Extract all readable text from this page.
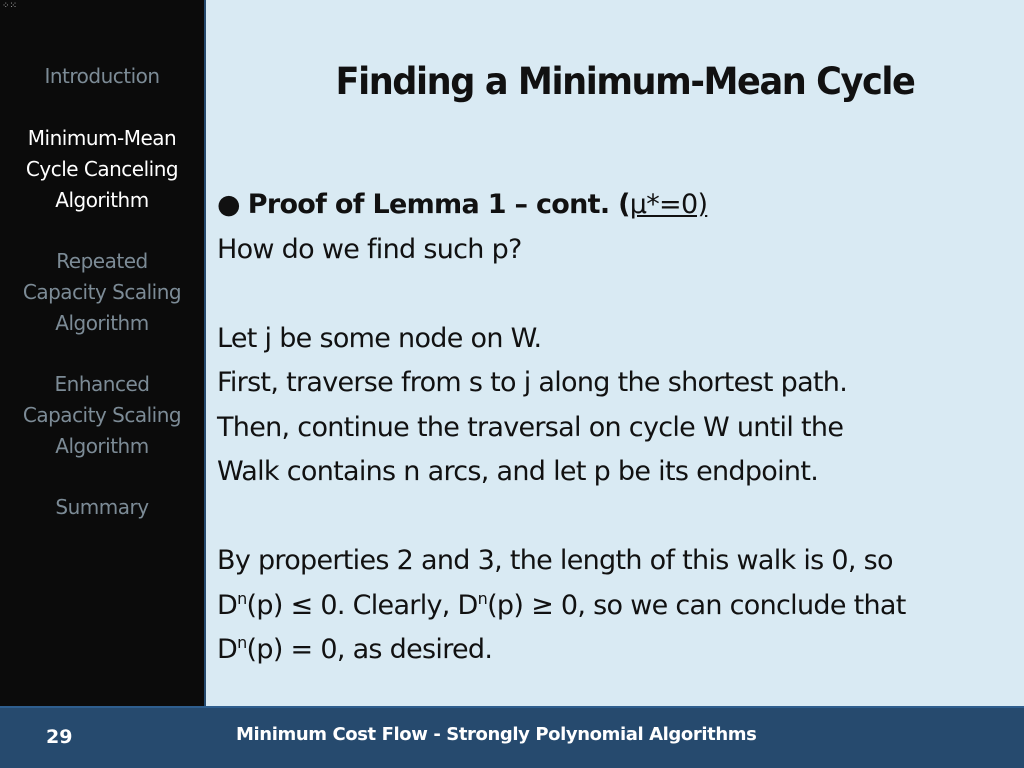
⁘⁙
Introduction
Minimum-Mean
Cycle Canceling
Algorithm
Repeated
Capacity Scaling
Algorithm
Enhanced
Capacity Scaling
Algorithm
Summary
Finding a Minimum-Mean Cycle
● Proof of Lemma 1 – cont. (µ*=0)
How do we find such p?
Let j be some node on W.
First, traverse from s to j along the shortest path.
Then, continue the traversal on cycle W until the
Walk contains n arcs, and let p be its endpoint.
By properties 2 and 3, the length of this walk is 0, so
$D^n(p) \le 0$. Clearly, $D^n(p) \ge 0$, so we can conclude that
$D^n(p) = 0$, as desired.
29	Minimum Cost Flow - Strongly Polynomial Algorithms
